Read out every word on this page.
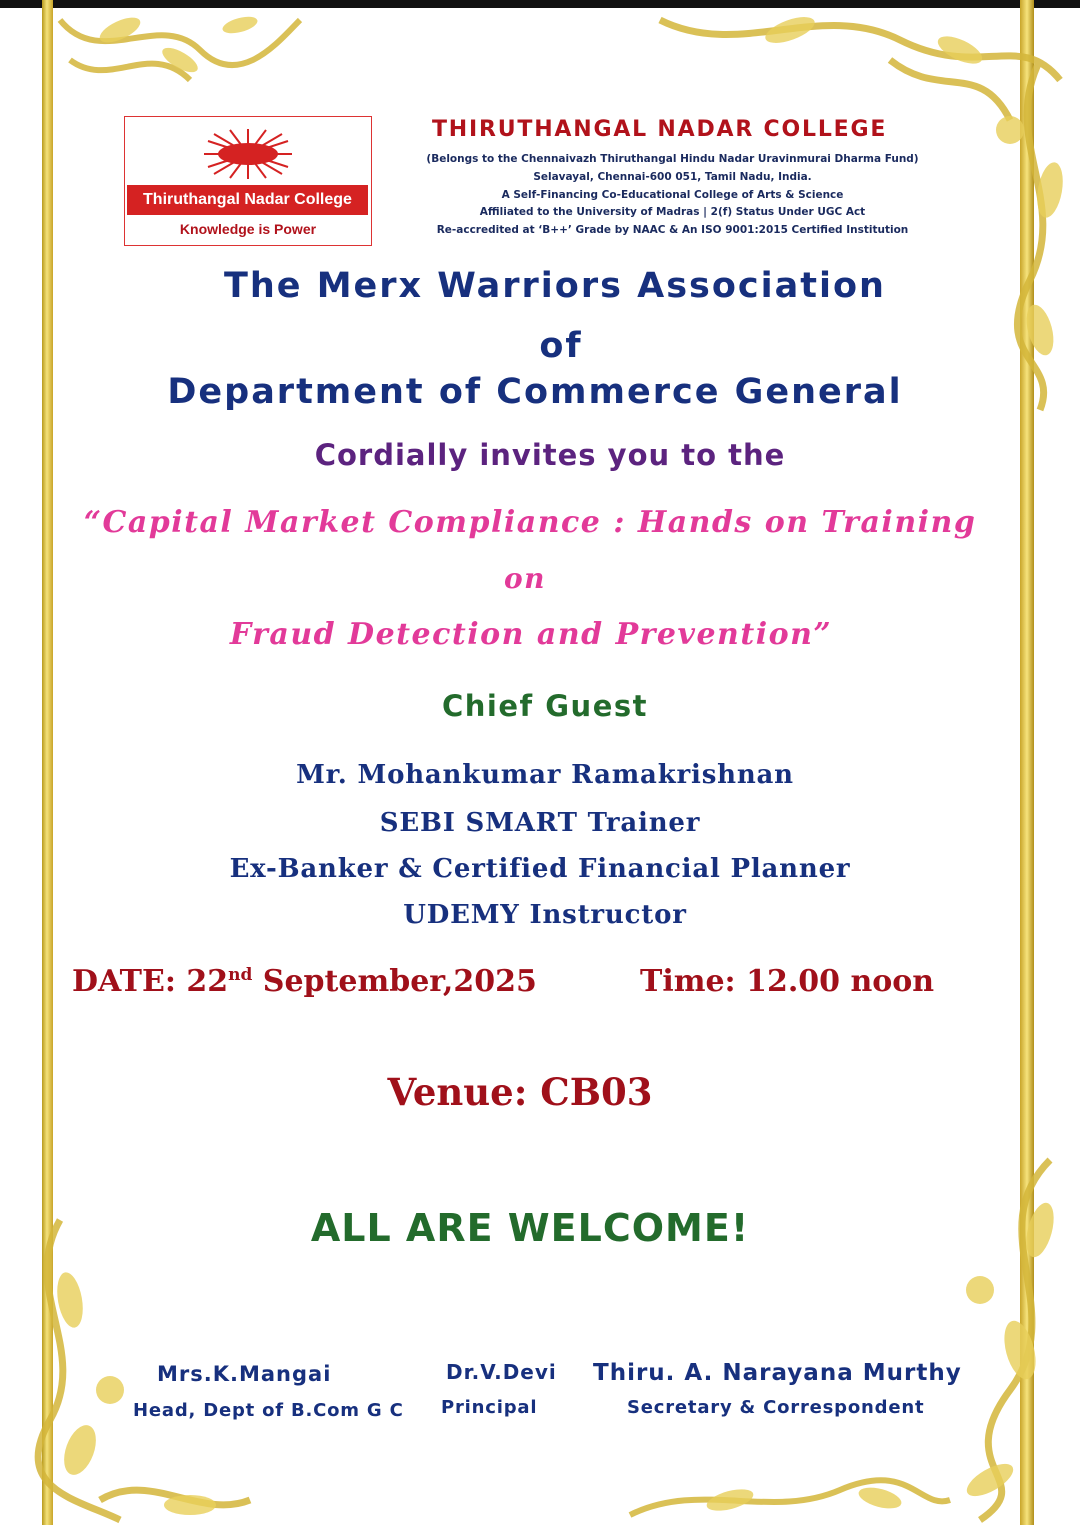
Thiruthangal Nadar College
Knowledge is Power

THIRUTHANGAL NADAR COLLEGE

(Belongs to the Chennaivazh Thiruthangal Hindu Nadar Uravinmurai Dharma Fund)

Selavayal, Chennai-600 051, Tamil Nadu, India.

A Self-Financing Co-Educational College of Arts & Science

Affiliated to the University of Madras | 2(f) Status Under UGC Act

Re-accredited at ‘B++’ Grade by NAAC & An ISO 9001:2015 Certified Institution

The Merx Warriors Association

of

Department of Commerce General

Cordially invites you to the

“Capital Market Compliance : Hands on Training

on

Fraud Detection and Prevention”

Chief Guest

Mr. Mohankumar Ramakrishnan

SEBI SMART Trainer

Ex-Banker & Certified Financial Planner

UDEMY Instructor

DATE: 22nd September,2025	Time: 12.00 noon

Venue: CB03

ALL ARE WELCOME!

Mrs.K.Mangai

Head, Dept of B.Com G C

Dr.V.Devi

Principal

Thiru. A. Narayana Murthy

Secretary & Correspondent
